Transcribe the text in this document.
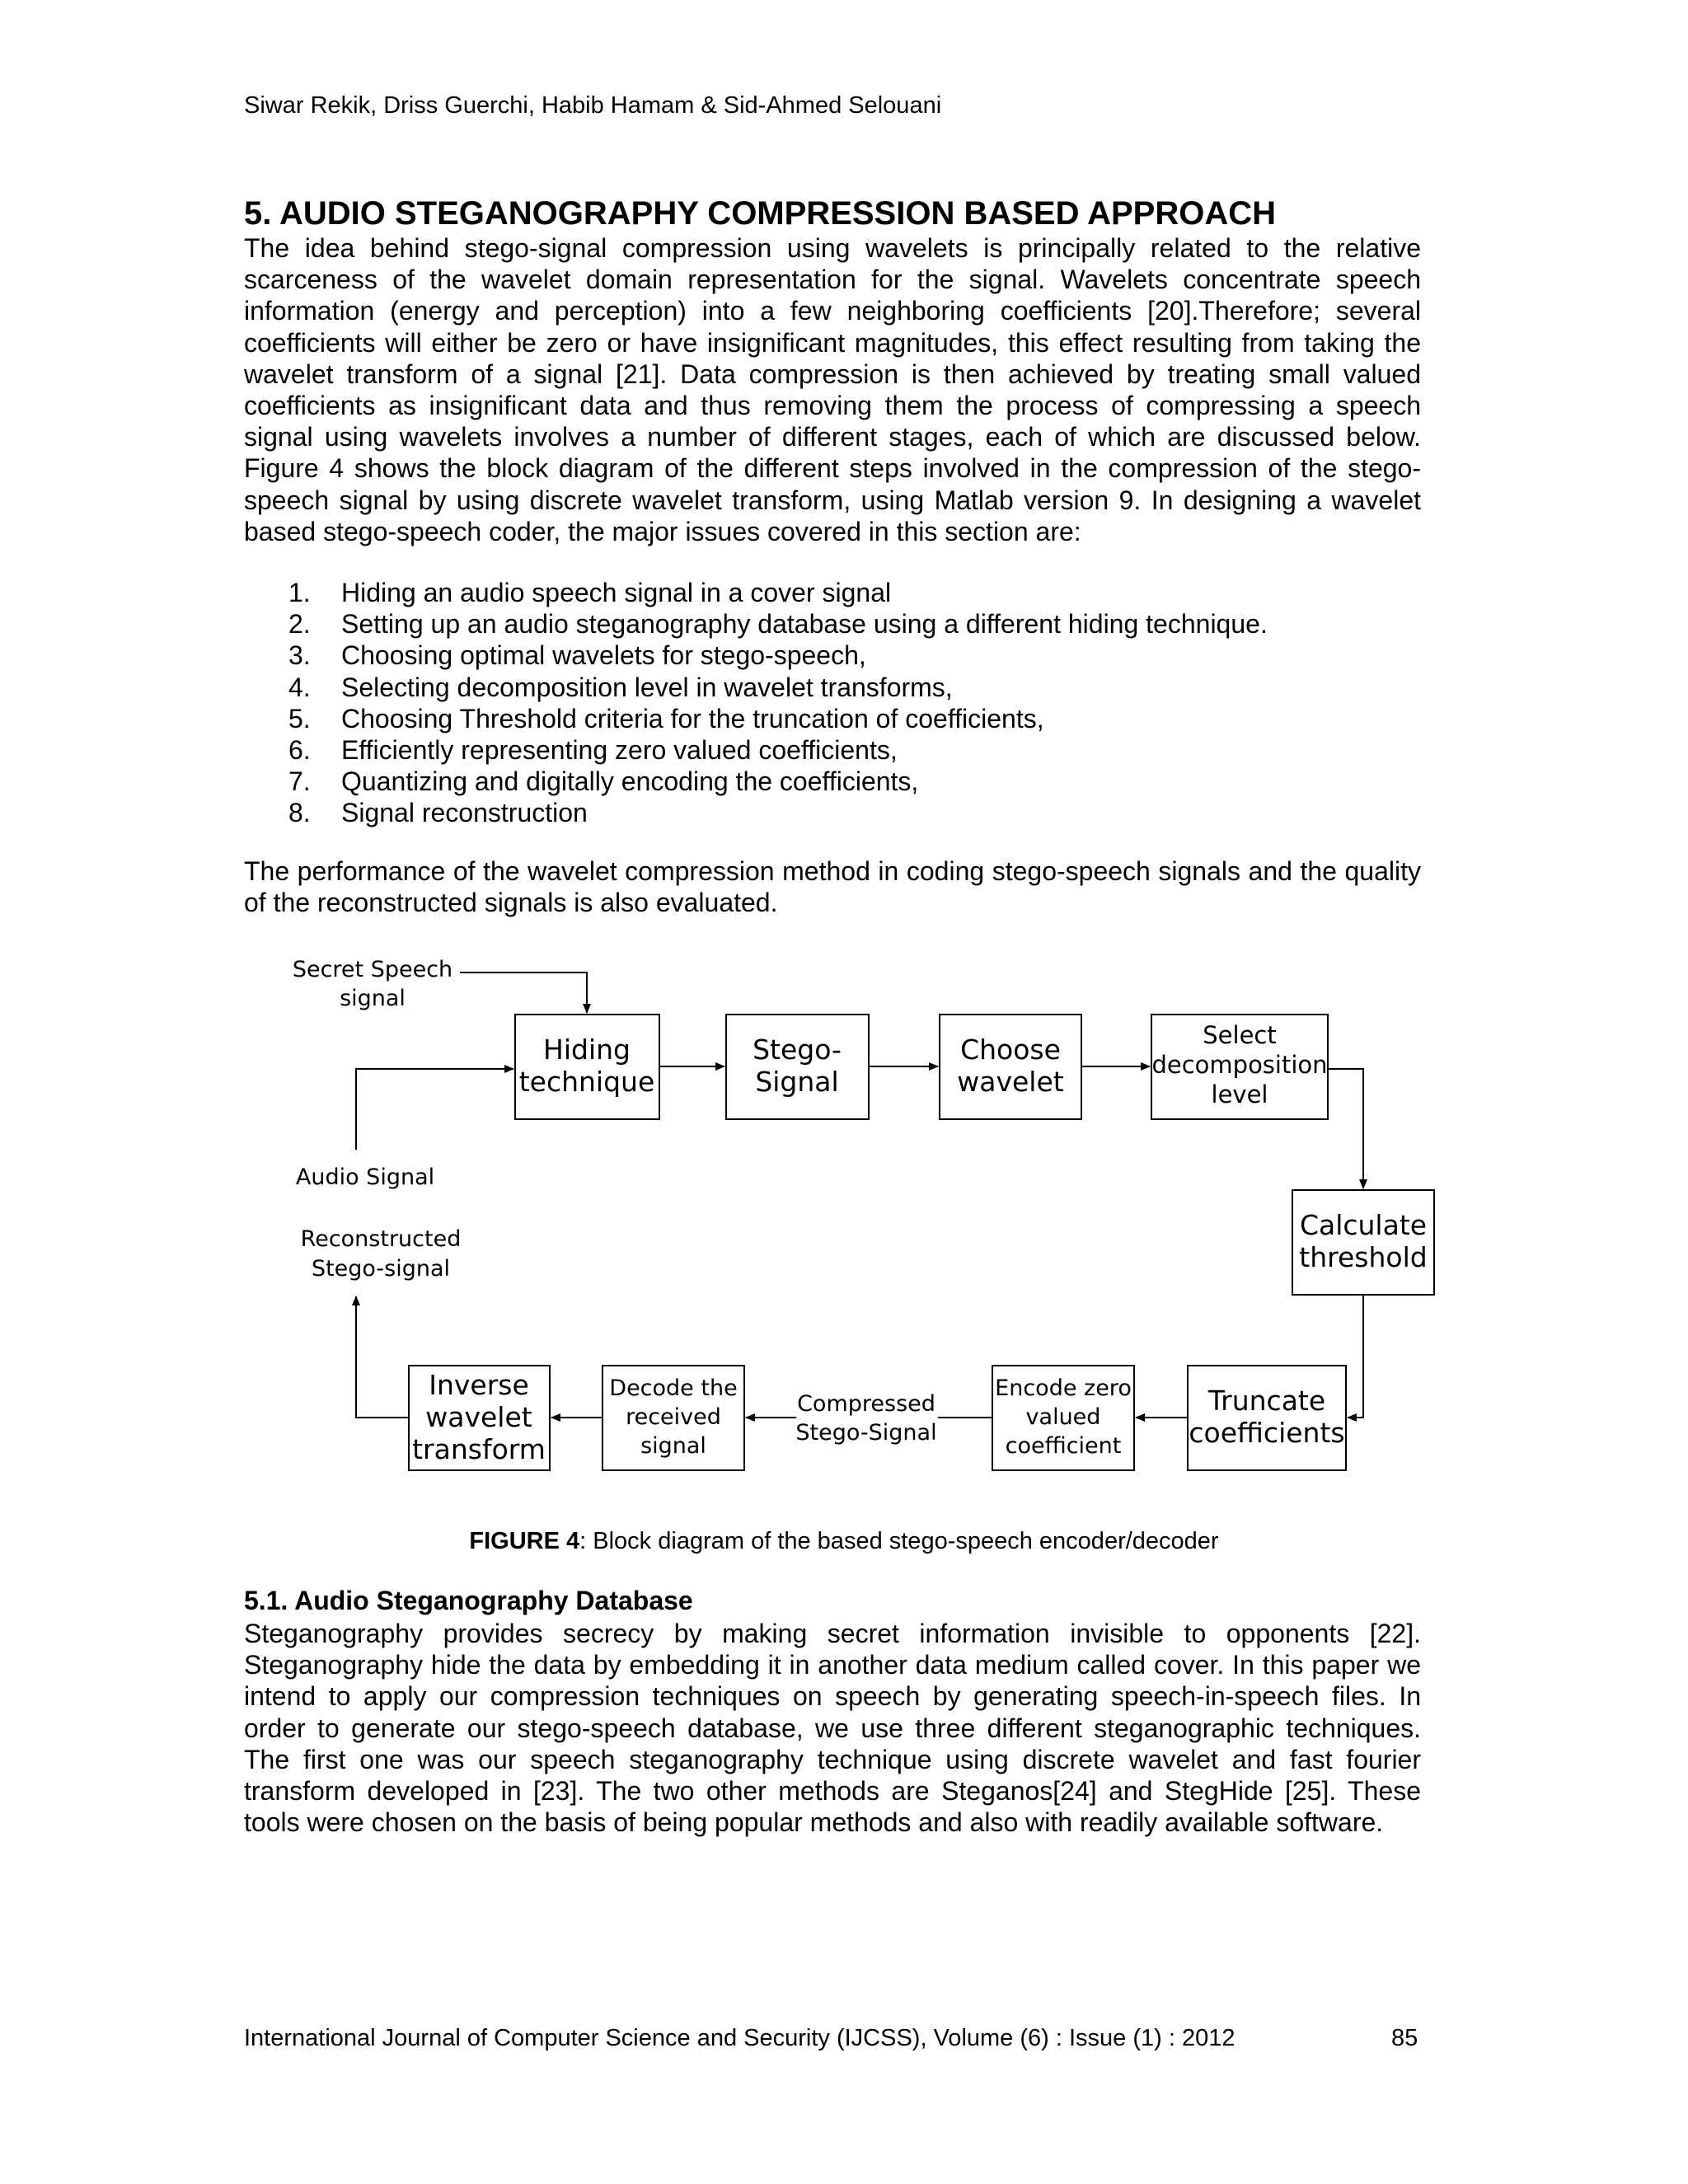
Siwar Rekik, Driss Guerchi, Habib Hamam & Sid-Ahmed Selouani
5. AUDIO STEGANOGRAPHY COMPRESSION BASED APPROACH

The idea behind stego-signal compression using wavelets is principally related to the relative scarceness of the wavelet domain representation for the signal. Wavelets concentrate speech information (energy and perception) into a few neighboring coefficients [20].Therefore; several coefficients will either be zero or have insignificant magnitudes, this effect resulting from taking the wavelet transform of a signal [21]. Data compression is then achieved by treating small valued coefficients as insignificant data and thus removing them the process of compressing a speech signal using wavelets involves a number of different stages, each of which are discussed below. Figure 4 shows the block diagram of the different steps involved in the compression of the stego-speech signal by using discrete wavelet transform, using Matlab version 9. In designing a wavelet based stego-speech coder, the major issues covered in this section are:

1. Hiding an audio speech signal in a cover signal
2. Setting up an audio steganography database using a different hiding technique.
3. Choosing optimal wavelets for stego-speech,
4. Selecting decomposition level in wavelet transforms,
5. Choosing Threshold criteria for the truncation of coefficients,
6. Efficiently representing zero valued coefficients,
7. Quantizing and digitally encoding the coefficients,
8. Signal reconstruction

The performance of the wavelet compression method in coding stego-speech signals and the quality of the reconstructed signals is also evaluated.

Secret Speech
signal
Audio Signal
Reconstructed
Stego-signal
Hiding
technique
Stego-
Signal
Choose
wavelet
Select
decomposition
level
Calculate
threshold
Truncate
coefficients
Encode zero
valued
coefficient
Compressed
Stego-Signal
Decode the
received
signal
Inverse
wavelet
transform
FIGURE 4: Block diagram of the based stego-speech encoder/decoder
5.1. Audio Steganography Database

Steganography provides secrecy by making secret information invisible to opponents [22]. Steganography hide the data by embedding it in another data medium called cover. In this paper we intend to apply our compression techniques on speech by generating speech-in-speech files. In order to generate our stego-speech database, we use three different steganographic techniques. The first one was our speech steganography technique using discrete wavelet and fast fourier transform developed in [23]. The two other methods are Steganos[24] and StegHide [25]. These tools were chosen on the basis of being popular methods and also with readily available software.

International Journal of Computer Science and Security (IJCSS), Volume (6) : Issue (1) : 2012	85
